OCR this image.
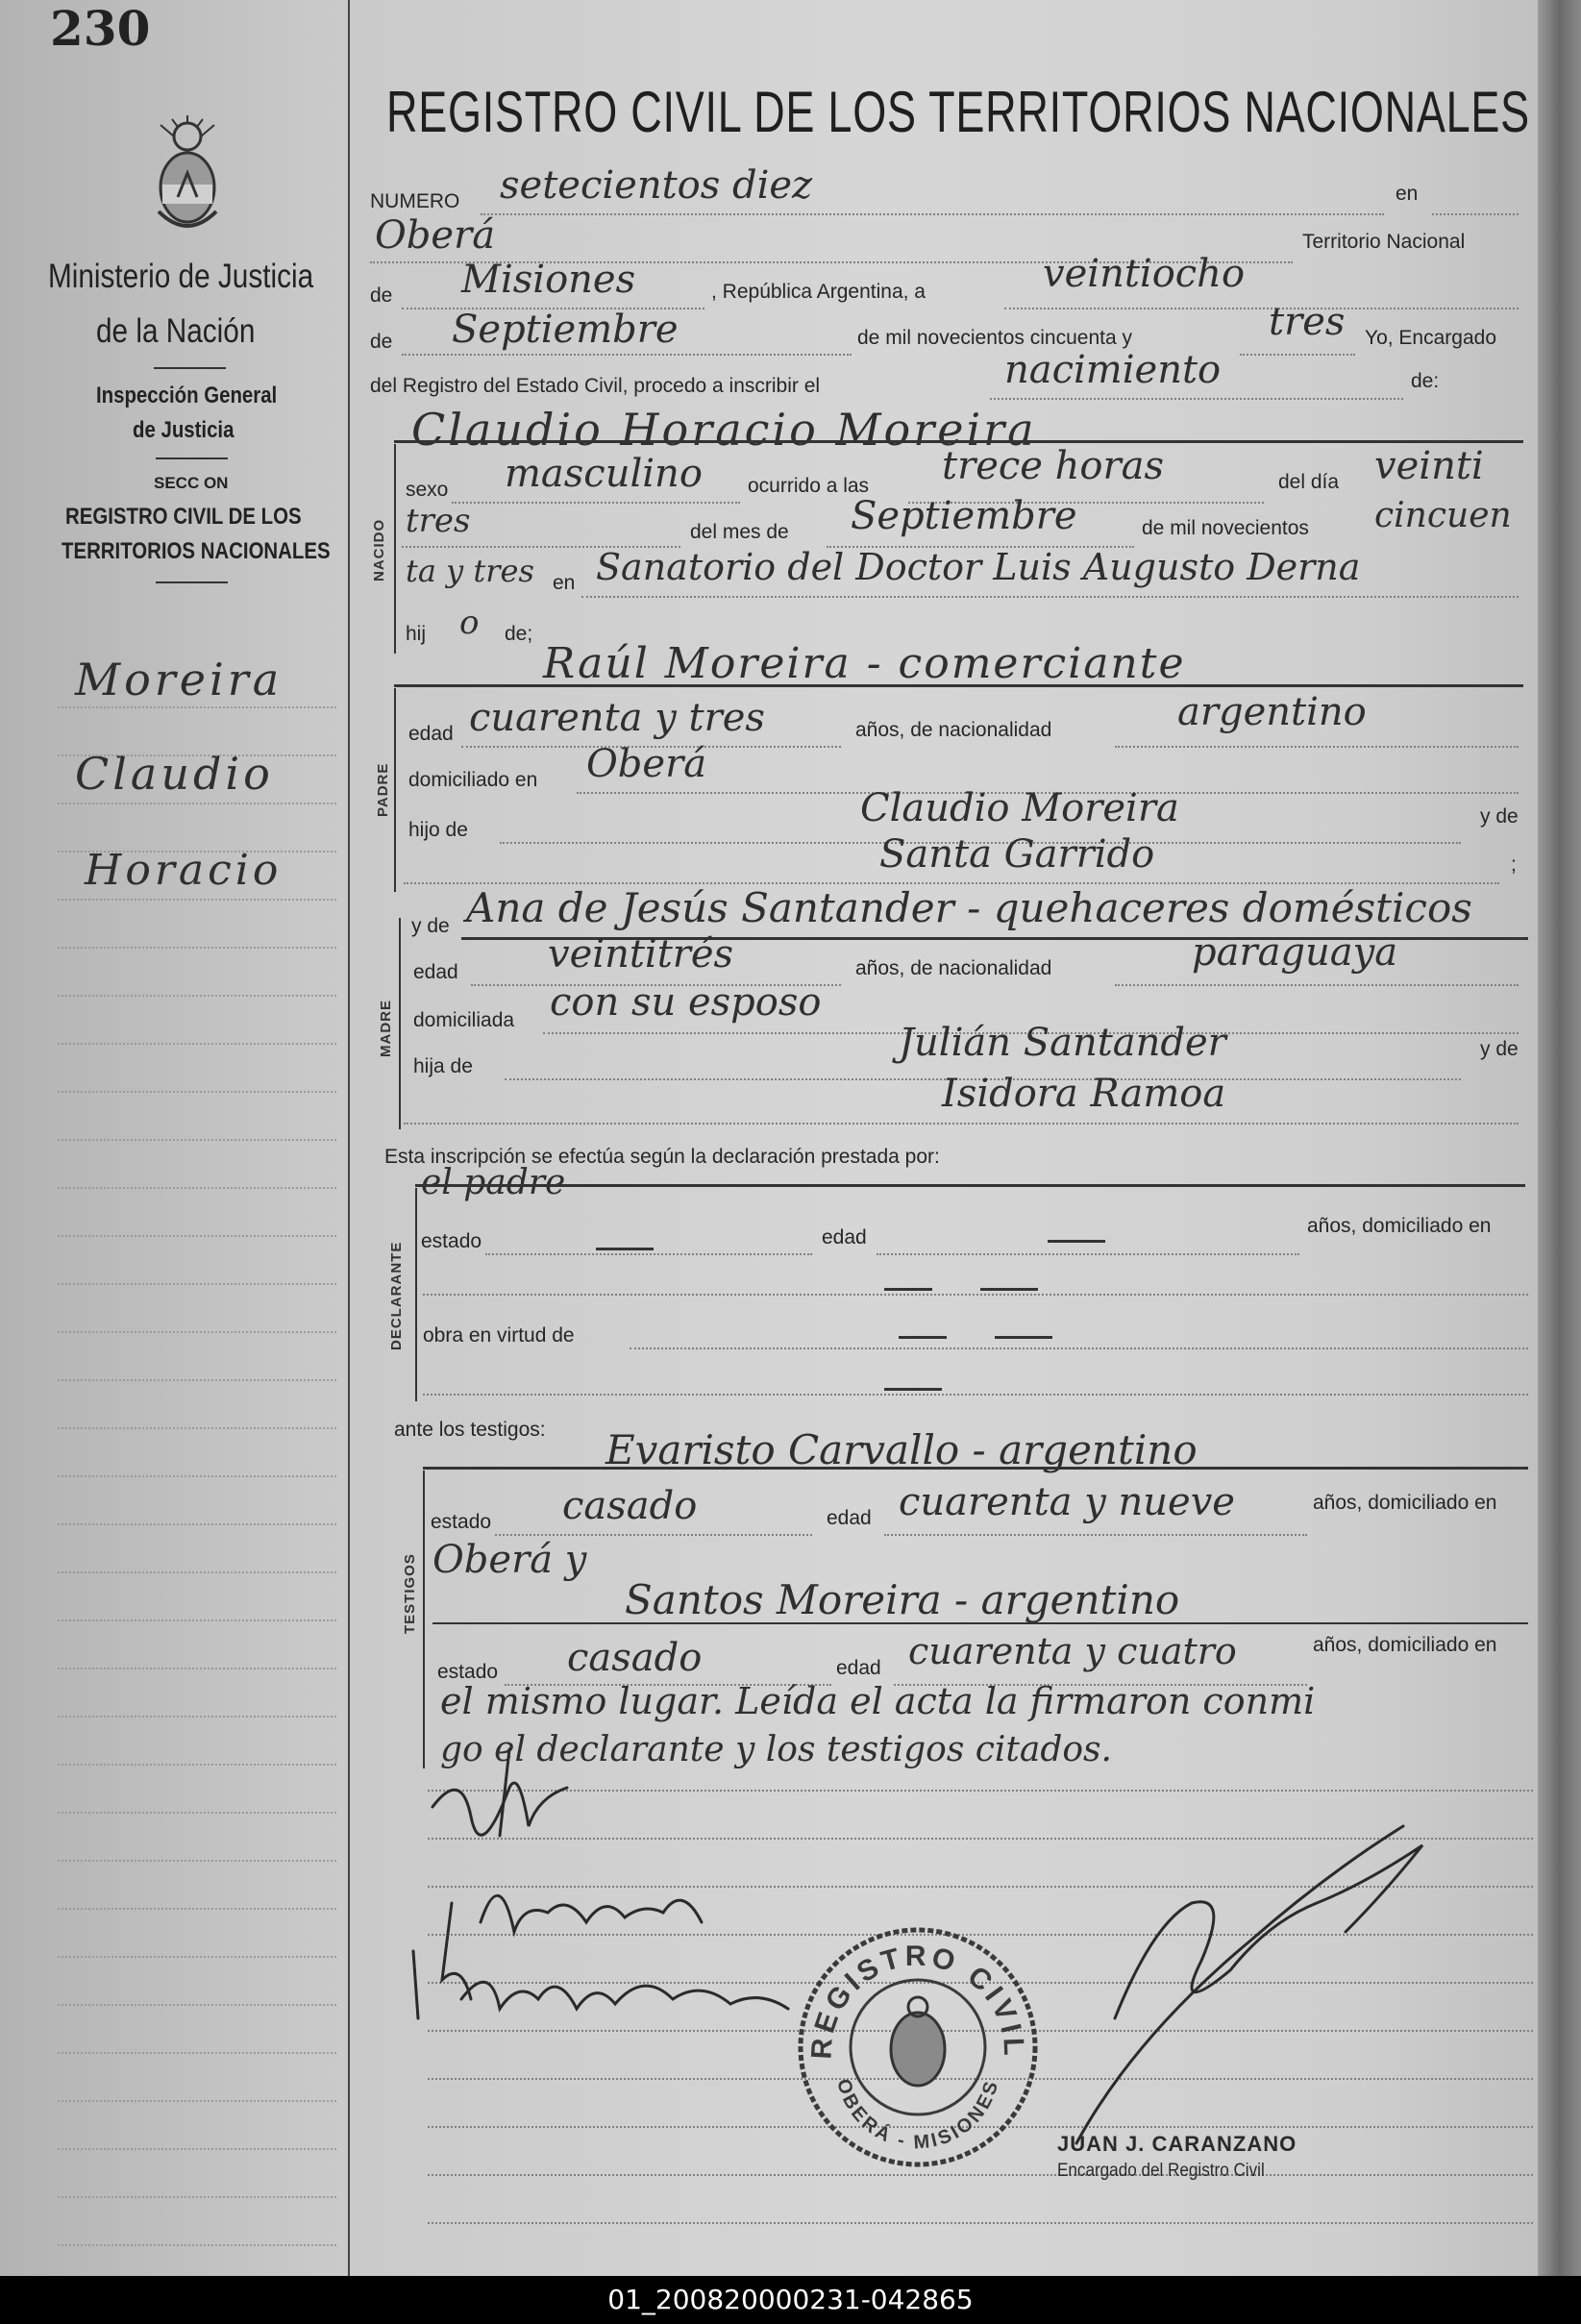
230
Ministerio de Justicia
de la Nación
Inspección General
de Justicia
SECC ON
REGISTRO CIVIL DE LOS
TERRITORIOS NACIONALES
Moreira
Claudio
Horacio
REGISTRO CIVIL DE LOS TERRITORIOS NACIONALES
NUMERO setecientos diez	en
Oberá	Territorio Nacional
de Misiones	, República Argentina, a	veintiocho
de Septiembre	de mil novecientos cincuenta y	tres Yo, Encargado
del Registro del Estado Civil, procedo a inscribir el	nacimiento	de:
Claudio Horacio Moreira
NACIDO
sexo masculino ocurrido a las trece horas	del día veinti
tres	del mes de Septiembre	de mil novecientos cincuen
ta y tres en Sanatorio del Doctor Luis Augusto Derna
hij o de;
Raúl Moreira - comerciante
PADRE
edad cuarenta y tres	años, de nacionalidad	argentino
domiciliado en Oberá
hijo de	Claudio Moreira	y de
Santa Garrido	;
y de Ana de Jesús Santander - quehaceres domésticos
MADRE
edad veintitrés	años, de nacionalidad	paraguaya
domiciliada con su esposo
hija de
Julián Santander	y de
Isidora Ramoa
Esta inscripción se efectúa según la declaración prestada por:
el padre
DECLARANTE
estado	edad
años, domiciliado en
obra en virtud de
ante los testigos: Evaristo Carvallo - argentino
TESTIGOS
estado casado	edad cuarenta y nueve	años, domiciliado en
Oberá y
Santos Moreira - argentino
estado casado	edad cuarenta y cuatro	años, domiciliado en
el mismo lugar. Leída el acta la firmaron conmi
go el declarante y los testigos citados.
REGISTRO CIVIL
OBERÁ - MISIONES
JUAN J. CARANZANO
Encargado del Registro Civil
01_200820000231-042865
